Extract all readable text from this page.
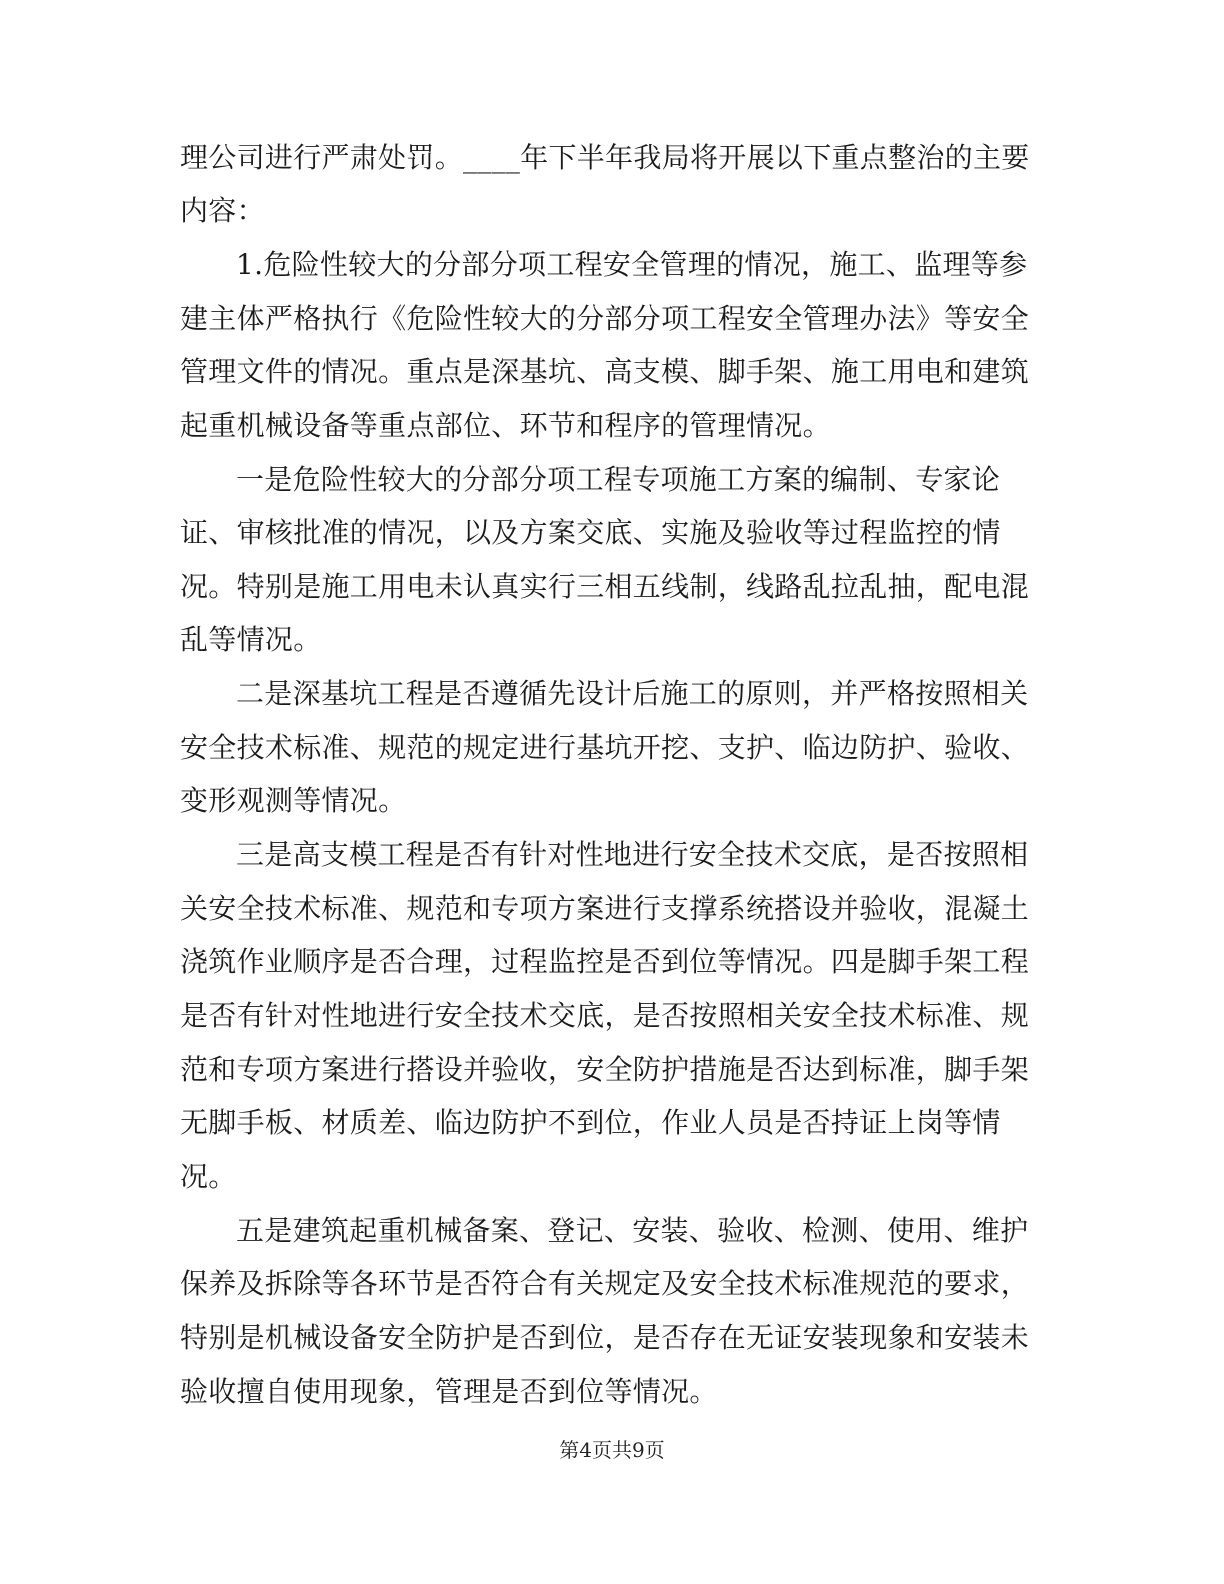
理公司进行严肃处罚。____年下半年我局将开展以下重点整治的主要
内容：
1.危险性较大的分部分项工程安全管理的情况，施工、监理等参
建主体严格执行《危险性较大的分部分项工程安全管理办法》等安全
管理文件的情况。重点是深基坑、高支模、脚手架、施工用电和建筑
起重机械设备等重点部位、环节和程序的管理情况。
一是危险性较大的分部分项工程专项施工方案的编制、专家论
证、审核批准的情况，以及方案交底、实施及验收等过程监控的情
况。特别是施工用电未认真实行三相五线制，线路乱拉乱抽，配电混
乱等情况。
二是深基坑工程是否遵循先设计后施工的原则，并严格按照相关
安全技术标准、规范的规定进行基坑开挖、支护、临边防护、验收、
变形观测等情况。
三是高支模工程是否有针对性地进行安全技术交底，是否按照相
关安全技术标准、规范和专项方案进行支撑系统搭设并验收，混凝土
浇筑作业顺序是否合理，过程监控是否到位等情况。四是脚手架工程
是否有针对性地进行安全技术交底，是否按照相关安全技术标准、规
范和专项方案进行搭设并验收，安全防护措施是否达到标准，脚手架
无脚手板、材质差、临边防护不到位，作业人员是否持证上岗等情
况。
五是建筑起重机械备案、登记、安装、验收、检测、使用、维护
保养及拆除等各环节是否符合有关规定及安全技术标准规范的要求，
特别是机械设备安全防护是否到位，是否存在无证安装现象和安装未
验收擅自使用现象，管理是否到位等情况。
第4页共9页
